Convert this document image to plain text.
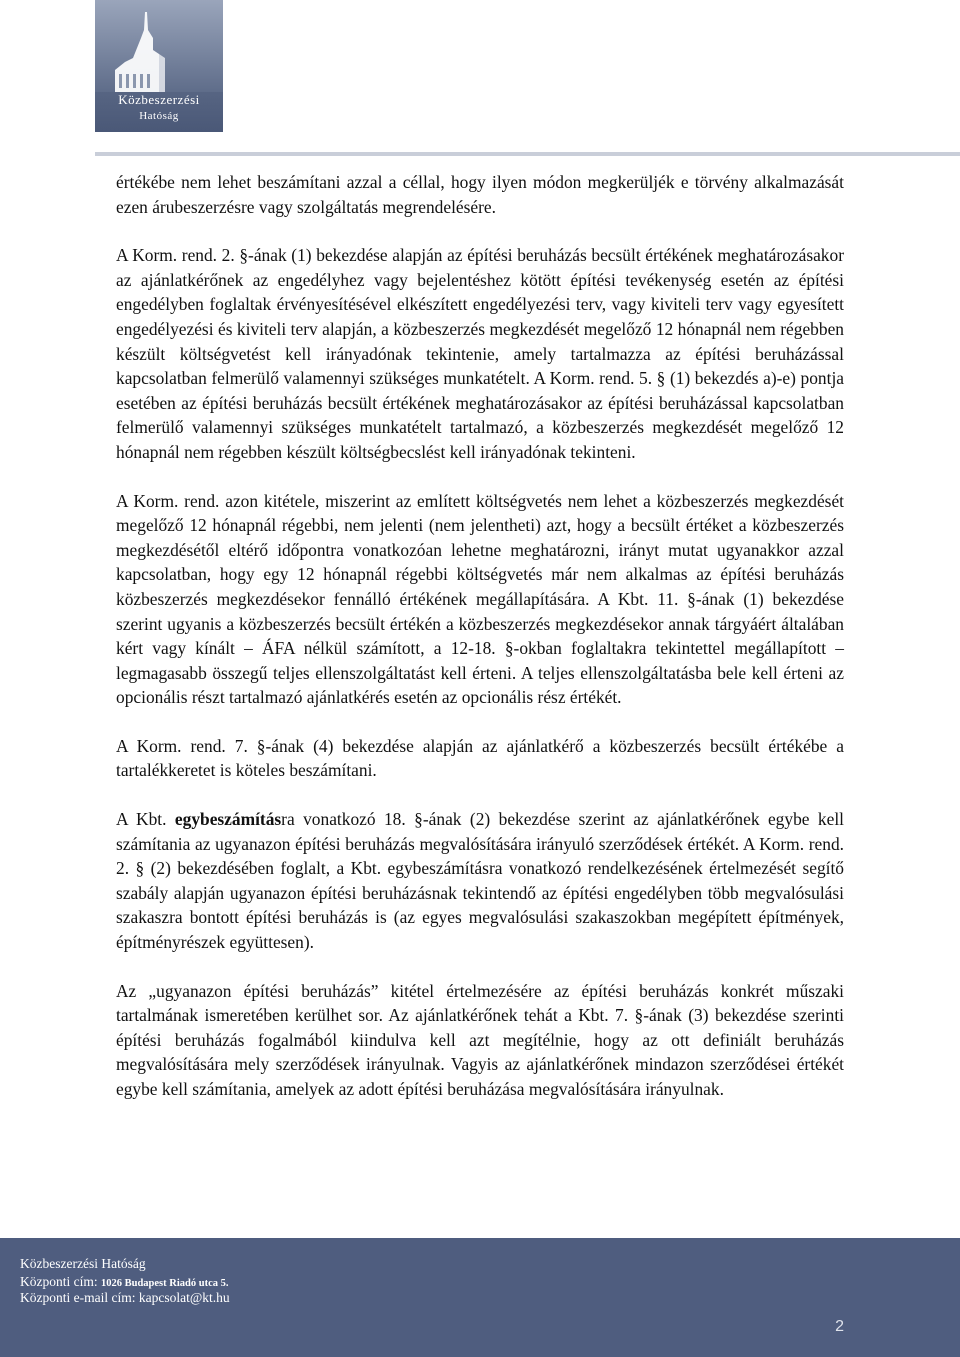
Közbeszerzési
Hatóság

értékébe nem lehet beszámítani azzal a céllal, hogy ilyen módon megkerüljék e törvény alkalmazását ezen árubeszerzésre vagy szolgáltatás megrendelésére.

A Korm. rend. 2. §-ának (1) bekezdése alapján az építési beruházás becsült értékének meghatározásakor az ajánlatkérőnek az engedélyhez vagy bejelentéshez kötött építési tevékenység esetén az építési engedélyben foglaltak érvényesítésével elkészített engedélyezési terv, vagy kiviteli terv vagy egyesített engedélyezési és kiviteli terv alapján, a közbeszerzés megkezdését megelőző 12 hónapnál nem régebben készült költségvetést kell irányadónak tekintenie, amely tartalmazza az építési beruházással kapcsolatban felmerülő valamennyi szükséges munkatételt. A Korm. rend. 5. § (1) bekezdés a)-e) pontja esetében az építési beruházás becsült értékének meghatározásakor az építési beruházással kapcsolatban felmerülő valamennyi szükséges munkatételt tartalmazó, a közbeszerzés megkezdését megelőző 12 hónapnál nem régebben készült költségbecslést kell irányadónak tekinteni.

A Korm. rend. azon kitétele, miszerint az említett költségvetés nem lehet a közbeszerzés megkezdését megelőző 12 hónapnál régebbi, nem jelenti (nem jelentheti) azt, hogy a becsült értéket a közbeszerzés megkezdésétől eltérő időpontra vonatkozóan lehetne meghatározni, irányt mutat ugyanakkor azzal kapcsolatban, hogy egy 12 hónapnál régebbi költségvetés már nem alkalmas az építési beruházás közbeszerzés megkezdésekor fennálló értékének megállapítására. A Kbt. 11. §-ának (1) bekezdése szerint ugyanis a közbeszerzés becsült értékén a közbeszerzés megkezdésekor annak tárgyáért általában kért vagy kínált – ÁFA nélkül számított, a 12-18. §-okban foglaltakra tekintettel megállapított – legmagasabb összegű teljes ellenszolgáltatást kell érteni. A teljes ellenszolgáltatásba bele kell érteni az opcionális részt tartalmazó ajánlatkérés esetén az opcionális rész értékét.

A Korm. rend. 7. §-ának (4) bekezdése alapján az ajánlatkérő a közbeszerzés becsült értékébe a tartalékkeretet is köteles beszámítani.

A Kbt. egybeszámításra vonatkozó 18. §-ának (2) bekezdése szerint az ajánlatkérőnek egybe kell számítania az ugyanazon építési beruházás megvalósítására irányuló szerződések értékét. A Korm. rend. 2. § (2) bekezdésében foglalt, a Kbt. egybeszámításra vonatkozó rendelkezésének értelmezését segítő szabály alapján ugyanazon építési beruházásnak tekintendő az építési engedélyben több megvalósulási szakaszra bontott építési beruházás is (az egyes megvalósulási szakaszokban megépített építmények, építményrészek együttesen).

Az „ugyanazon építési beruházás” kitétel értelmezésére az építési beruházás konkrét műszaki tartalmának ismeretében kerülhet sor. Az ajánlatkérőnek tehát a Kbt. 7. §-ának (3) bekezdése szerinti építési beruházás fogalmából kiindulva kell azt megítélnie, hogy az ott definiált beruházás megvalósítására mely szerződések irányulnak. Vagyis az ajánlatkérőnek mindazon szerződései értékét egybe kell számítania, amelyek az adott építési beruházása megvalósítására irányulnak.

Közbeszerzési Hatóság
Központi cím: 1026 Budapest Riadó utca 5.
Központi e-mail cím: kapcsolat@kt.hu
2
